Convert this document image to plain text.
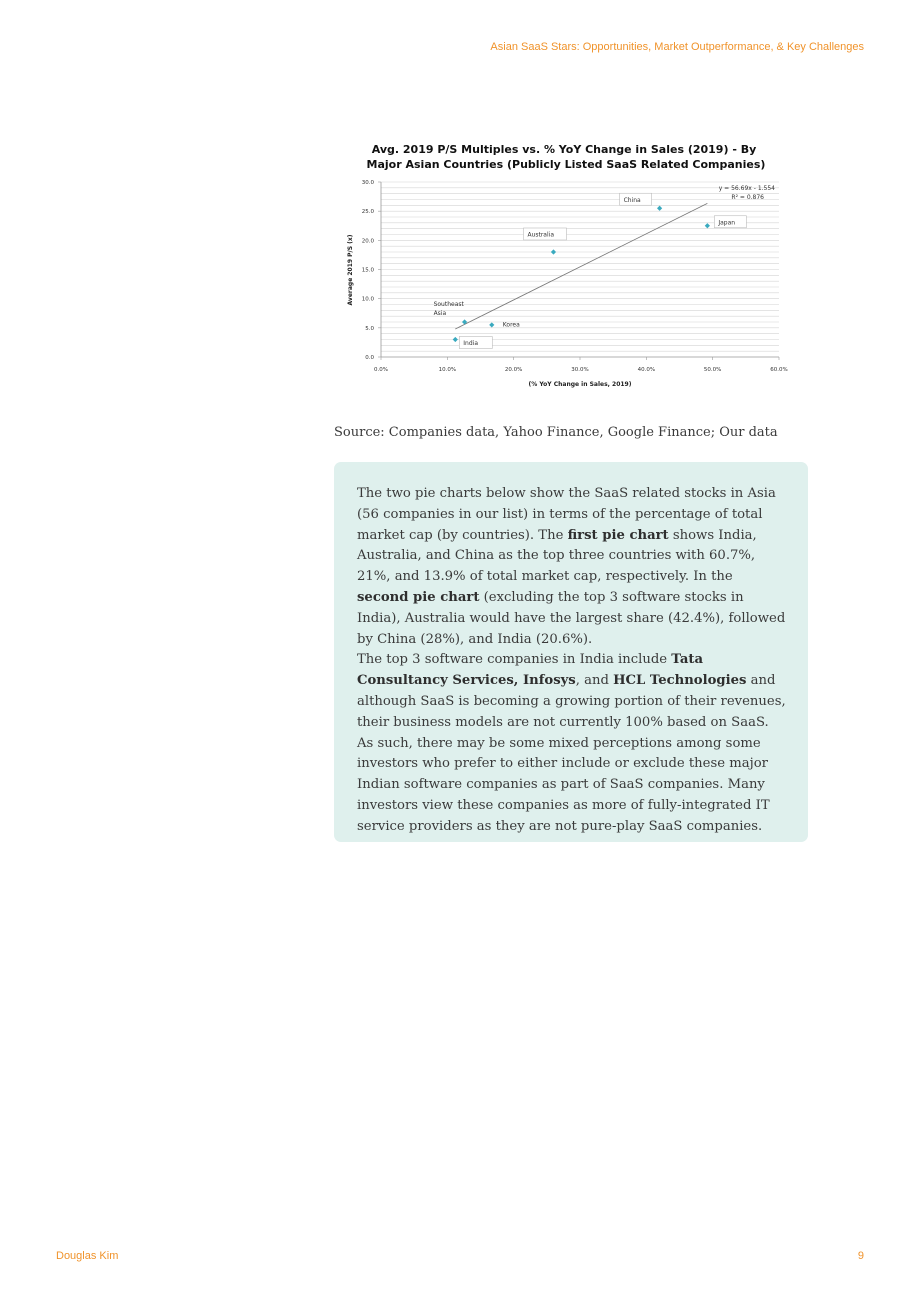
Asian SaaS Stars: Opportunities, Market Outperformance, & Key Challenges
Avg. 2019 P/S Multiples vs. % YoY Change in Sales (2019) - By
Major Asian Countries (Publicly Listed SaaS Related Companies)
0.0
5.0
10.0
15.0
20.0
25.0
30.0
0.0%	10.0%	20.0%	30.0%	40.0%	50.0%	60.0%
China
Japan
Australia
Southeast
Asia
Korea
India
y = 56.69x - 1.554
R² = 0.876
(% YoY Change in Sales, 2019)
Average 2019 P/S (x)
Source: Companies data, Yahoo Finance, Google Finance; Our data

The two pie charts below show the SaaS related stocks in Asia (56 companies in our list) in terms of the percentage of total market cap (by countries). The first pie chart shows India, Australia, and China as the top three countries with 60.7%, 21%, and 13.9% of total market cap, respectively. In the second pie chart (excluding the top 3 software stocks in India), Australia would have the largest share (42.4%), followed by China (28%), and India (20.6%).

The top 3 software companies in India include Tata Consultancy Services, Infosys, and HCL Technologies and although SaaS is becoming a growing portion of their revenues, their business models are not currently 100% based on SaaS. As such, there may be some mixed perceptions among some investors who prefer to either include or exclude these major Indian software companies as part of SaaS companies. Many investors view these companies as more of fully-integrated IT service providers as they are not pure-play SaaS companies.

Douglas Kim	9
